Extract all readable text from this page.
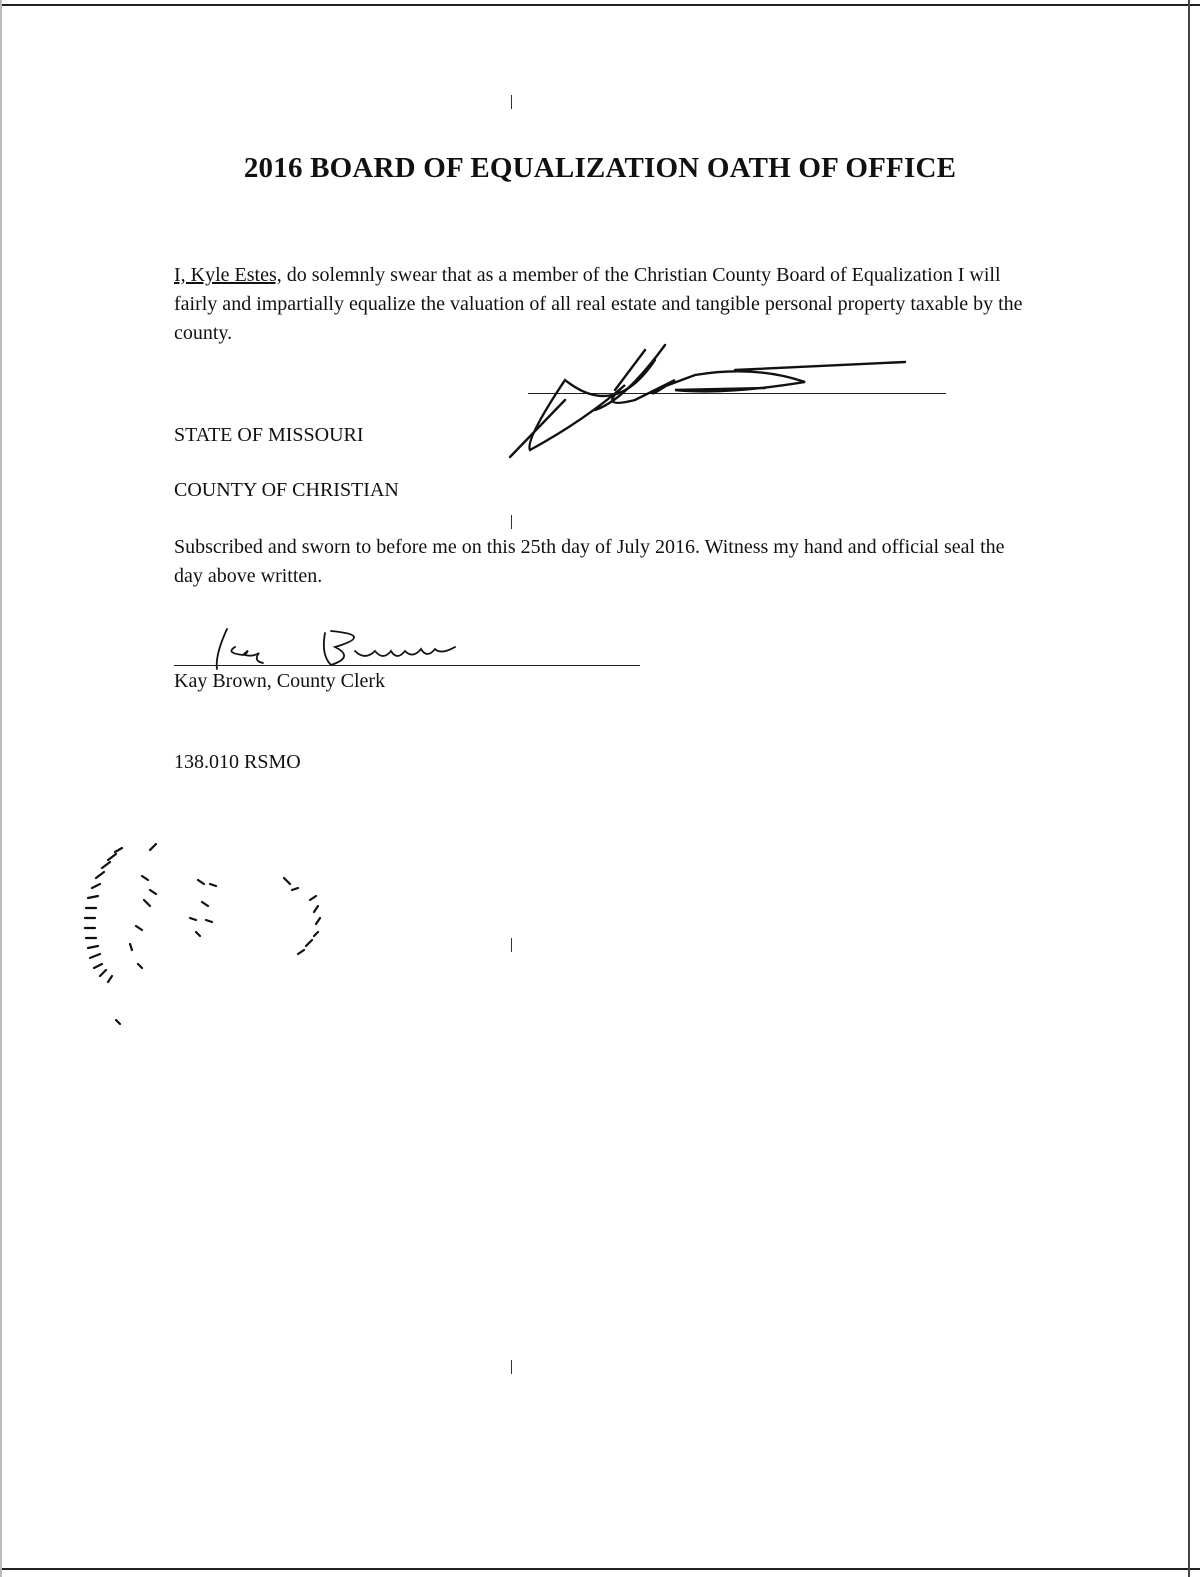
2016 BOARD OF EQUALIZATION OATH OF OFFICE
I, Kyle Estes, do solemnly swear that as a member of the Christian County Board of Equalization I will fairly and impartially equalize the valuation of all real estate and tangible personal property taxable by the county.
STATE OF MISSOURI
COUNTY OF CHRISTIAN
Subscribed and sworn to before me on this 25th day of July 2016. Witness my hand and official seal the day above written.
Kay Brown, County Clerk
138.010 RSMO
